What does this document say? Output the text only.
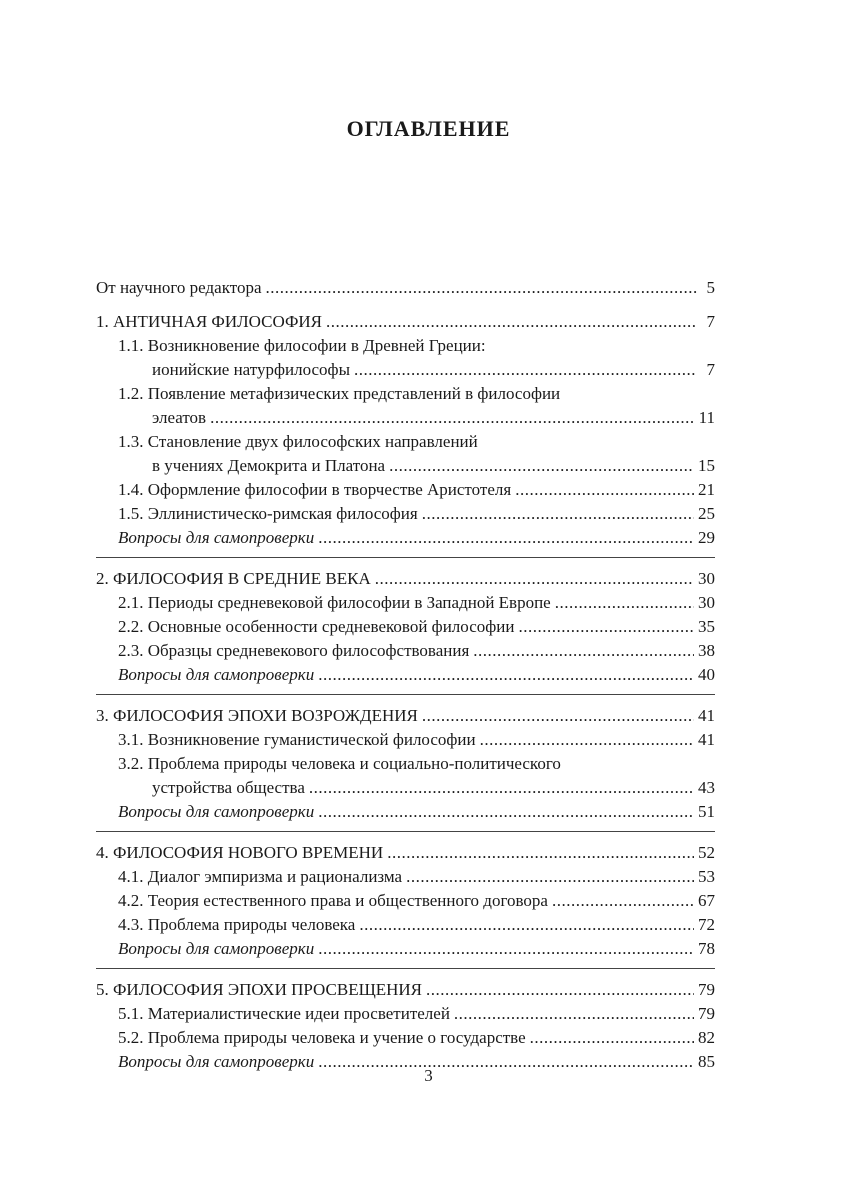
ОГЛАВЛЕНИЕ
От научного редактора .....	5
1. АНТИЧНАЯ ФИЛОСОФИЯ .....	7
1.1. Возникновение философии в Древней Греции:
ионийские натурфилософы .....	7
1.2. Появление метафизических представлений в философии
элеатов .....	11
1.3. Становление двух философских направлений
в учениях Демокрита и Платона .....	15
1.4. Оформление философии в творчестве Аристотеля .....	21
1.5. Эллинистическо-римская философия .....	25
Вопросы для самопроверки .....	29
2. ФИЛОСОФИЯ В СРЕДНИЕ ВЕКА .....	30
2.1. Периоды средневековой философии в Западной Европе .....	30
2.2. Основные особенности средневековой философии .....	35
2.3. Образцы средневекового философствования .....	38
Вопросы для самопроверки .....	40
3. ФИЛОСОФИЯ ЭПОХИ ВОЗРОЖДЕНИЯ .....	41
3.1. Возникновение гуманистической философии .....	41
3.2. Проблема природы человека и социально-политического
устройства общества .....	43
Вопросы для самопроверки .....	51
4. ФИЛОСОФИЯ НОВОГО ВРЕМЕНИ .....	52
4.1. Диалог эмпиризма и рационализма .....	53
4.2. Теория естественного права и общественного договора .....	67
4.3. Проблема природы человека .....	72
Вопросы для самопроверки .....	78
5. ФИЛОСОФИЯ ЭПОХИ ПРОСВЕЩЕНИЯ .....	79
5.1. Материалистические идеи просветителей .....	79
5.2. Проблема природы человека и учение о государстве .....	82
Вопросы для самопроверки .....	85
3
